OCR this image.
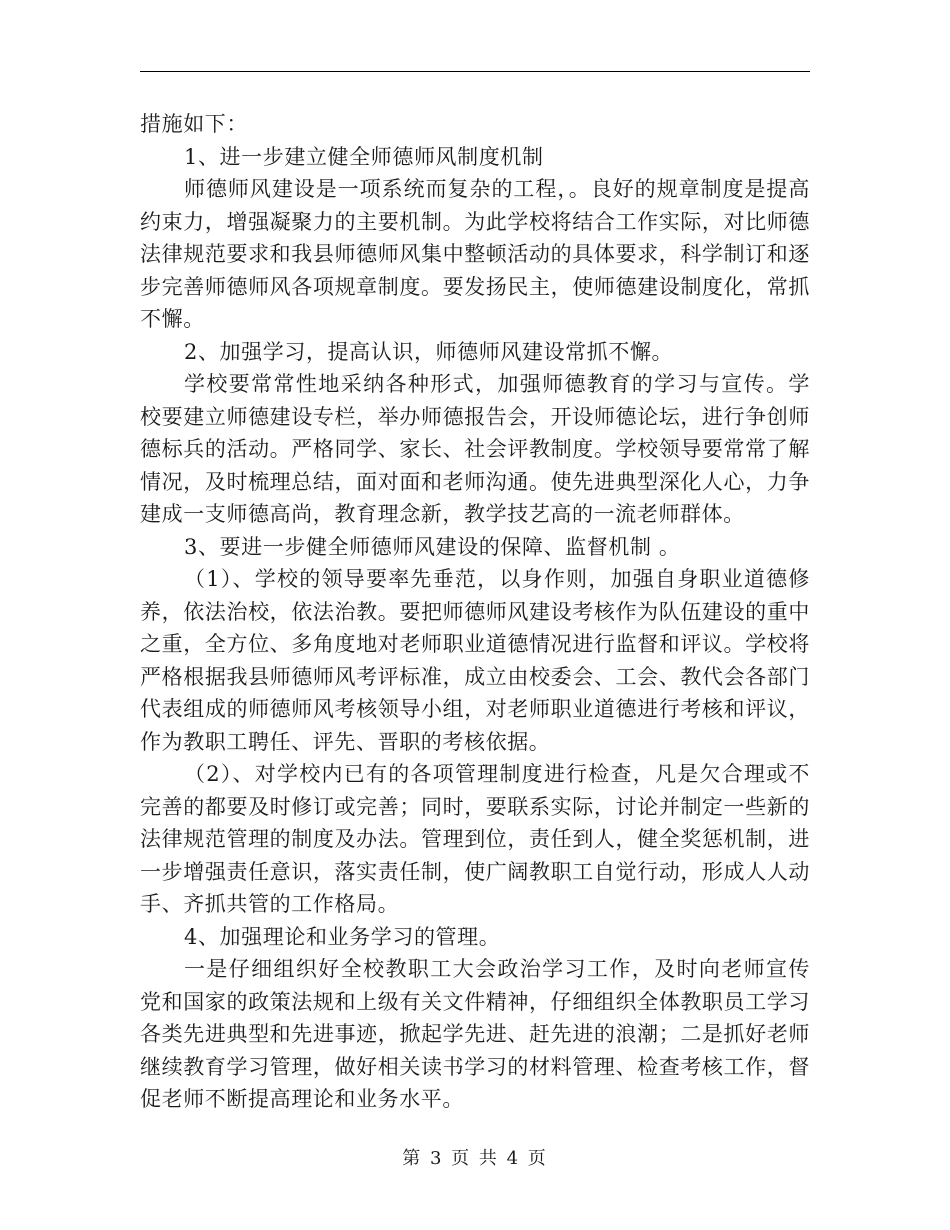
措施如下：

1、进一步建立健全师德师风制度机制

师德师风建设是一项系统而复杂的工程，。良好的规章制度是提高约束力，增强凝聚力的主要机制。为此学校将结合工作实际，对比师德法律规范要求和我县师德师风集中整顿活动的具体要求，科学制订和逐步完善师德师风各项规章制度。要发扬民主，使师德建设制度化，常抓不懈。

2、加强学习，提高认识，师德师风建设常抓不懈。

学校要常常性地采纳各种形式，加强师德教育的学习与宣传。学校要建立师德建设专栏，举办师德报告会，开设师德论坛，进行争创师德标兵的活动。严格同学、家长、社会评教制度。学校领导要常常了解情况，及时梳理总结，面对面和老师沟通。使先进典型深化人心，力争建成一支师德高尚，教育理念新，教学技艺高的一流老师群体。

3、要进一步健全师德师风建设的保障、监督机制 。

（1）、学校的领导要率先垂范，以身作则，加强自身职业道德修养，依法治校，依法治教。要把师德师风建设考核作为队伍建设的重中之重，全方位、多角度地对老师职业道德情况进行监督和评议。学校将严格根据我县师德师风考评标准，成立由校委会、工会、教代会各部门代表组成的师德师风考核领导小组，对老师职业道德进行考核和评议，作为教职工聘任、评先、晋职的考核依据。

（2）、对学校内已有的各项管理制度进行检查，凡是欠合理或不完善的都要及时修订或完善；同时，要联系实际，讨论并制定一些新的法律规范管理的制度及办法。管理到位，责任到人，健全奖惩机制，进一步增强责任意识，落实责任制，使广阔教职工自觉行动，形成人人动手、齐抓共管的工作格局。

4、加强理论和业务学习的管理。

一是仔细组织好全校教职工大会政治学习工作，及时向老师宣传党和国家的政策法规和上级有关文件精神，仔细组织全体教职员工学习各类先进典型和先进事迹，掀起学先进、赶先进的浪潮；二是抓好老师继续教育学习管理，做好相关读书学习的材料管理、检查考核工作，督促老师不断提高理论和业务水平。

第 3 页 共 4 页
